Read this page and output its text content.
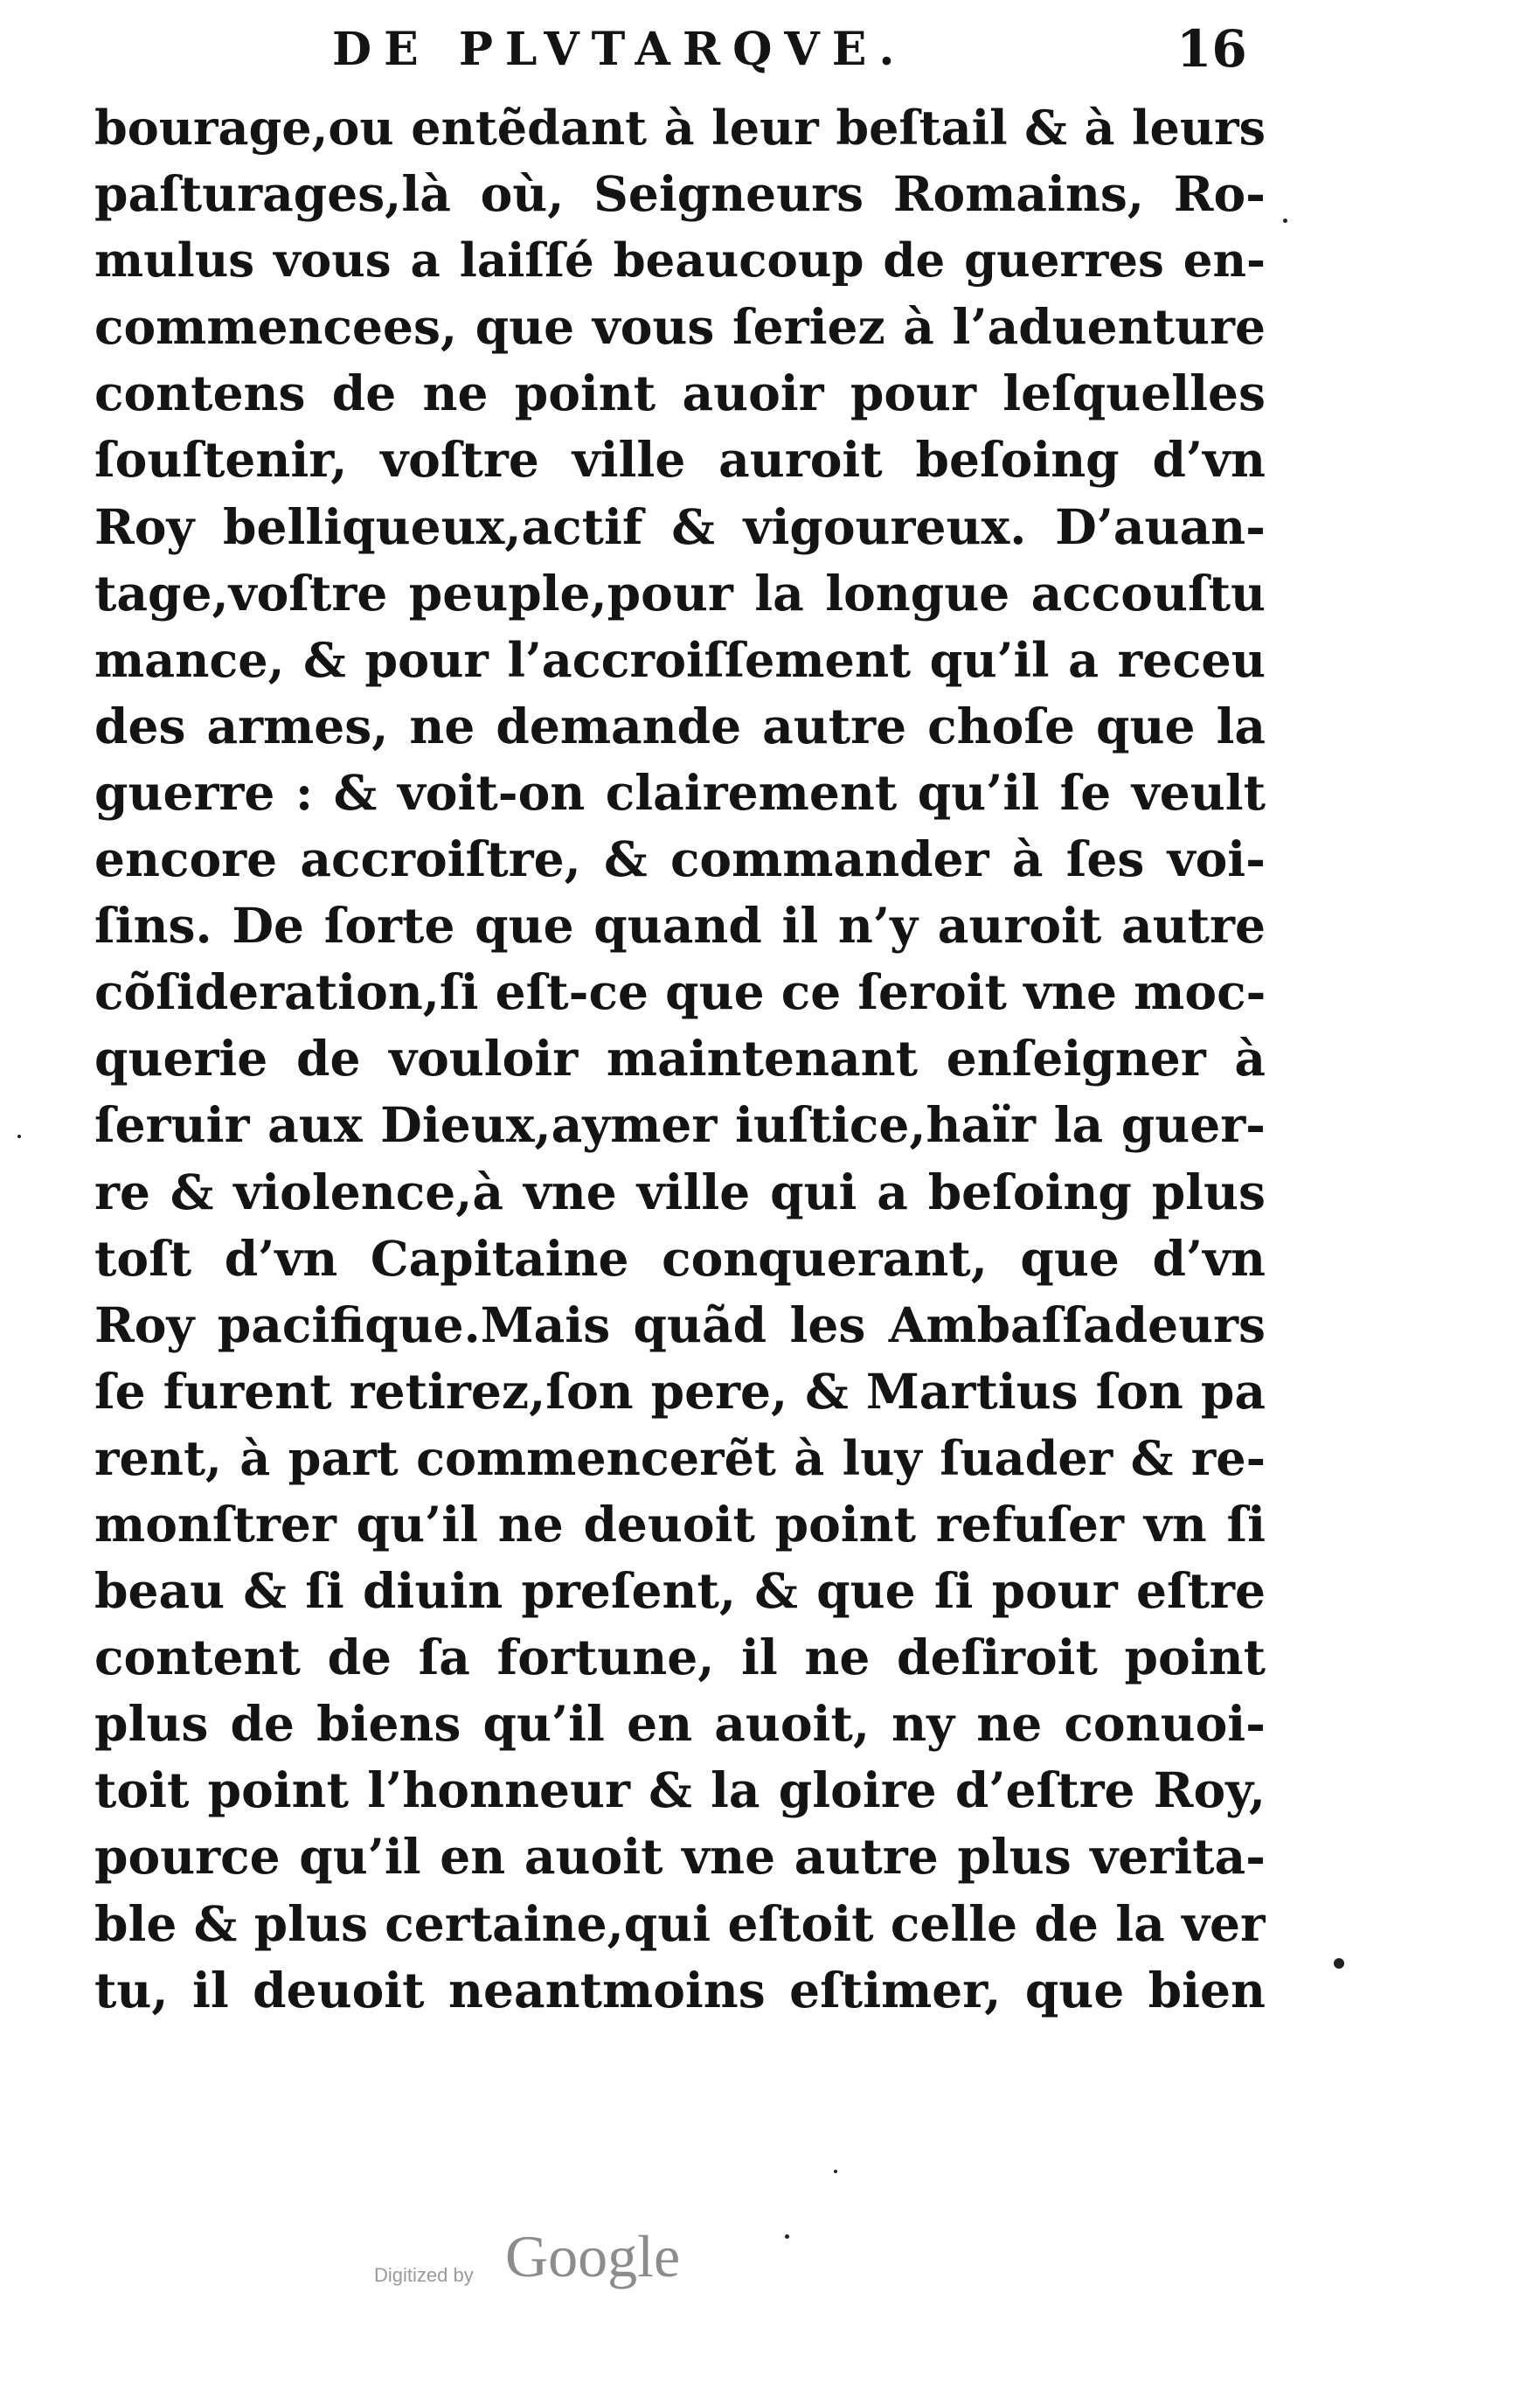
DE PLVTARQVE.	16
bourage,ou entẽdant à leur beſtail & à leurs
paſturages,là où, Seigneurs Romains, Ro-
mulus vous a laiſſé beaucoup de guerres en-
commencees, que vous ſeriez à l’aduenture
contens de ne point auoir pour leſquelles
ſouſtenir, voſtre ville auroit beſoing d’vn
Roy belliqueux,actif & vigoureux. D’auan-
tage,voſtre peuple,pour la longue accouſtu
mance, & pour l’accroiſſement qu’il a receu
des armes, ne demande autre choſe que la
guerre : & voit-on clairement qu’il ſe veult
encore accroiſtre, & commander à ſes voi-
ſins. De ſorte que quand il n’y auroit autre
cõſideration,ſi eſt-ce que ce ſeroit vne moc-
querie de vouloir maintenant enſeigner à
ſeruir aux Dieux,aymer iuſtice,haïr la guer-
re & violence,à vne ville qui a beſoing plus
toſt d’vn Capitaine conquerant, que d’vn
Roy pacifique.Mais quãd les Ambaſſadeurs
ſe furent retirez,ſon pere, & Martius ſon pa
rent, à part commencerẽt à luy ſuader & re-
monſtrer qu’il ne deuoit point refuſer vn ſi
beau & ſi diuin preſent, & que ſi pour eſtre
content de ſa fortune, il ne deſiroit point
plus de biens qu’il en auoit, ny ne conuoi-
toit point l’honneur & la gloire d’eſtre Roy,
pource qu’il en auoit vne autre plus verita-
ble & plus certaine,qui eſtoit celle de la ver
tu, il deuoit neantmoins eſtimer, que bien
Digitized by Google
